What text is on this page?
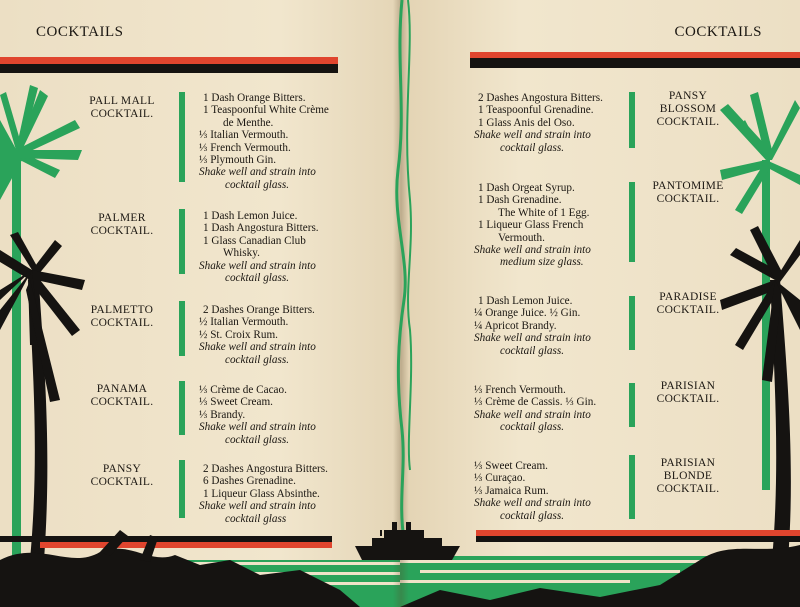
COCKTAILS
PALL MALL
COCKTAIL.
1 Dash Orange Bitters.
1 Teaspoonful White Crème
de Menthe.
⅓ Italian Vermouth.
⅓ French Vermouth.
⅓ Plymouth Gin.
Shake well and strain into
cocktail glass.
PALMER
COCKTAIL.
1 Dash Lemon Juice.
1 Dash Angostura Bitters.
1 Glass Canadian Club
Whisky.
Shake well and strain into
cocktail glass.
PALMETTO
COCKTAIL.
2 Dashes Orange Bitters.
½ Italian Vermouth.
½ St. Croix Rum.
Shake well and strain into
cocktail glass.
PANAMA
COCKTAIL.
⅓ Crème de Cacao.
⅓ Sweet Cream.
⅓ Brandy.
Shake well and strain into
cocktail glass.
PANSY
COCKTAIL.
2 Dashes Angostura Bitters.
6 Dashes Grenadine.
1 Liqueur Glass Absinthe.
Shake well and strain into
cocktail glass
COCKTAILS
2 Dashes Angostura Bitters.
1 Teaspoonful Grenadine.
1 Glass Anis del Oso.
Shake well and strain into
cocktail glass.
PANSY
BLOSSOM
COCKTAIL.
1 Dash Orgeat Syrup.
1 Dash Grenadine.
The White of 1 Egg.
1 Liqueur Glass French
Vermouth.
Shake well and strain into
medium size glass.
PANTOMIME
COCKTAIL.
1 Dash Lemon Juice.
¼ Orange Juice. ½ Gin.
¼ Apricot Brandy.
Shake well and strain into
cocktail glass.
PARADISE
COCKTAIL.
⅓ French Vermouth.
⅓ Crème de Cassis. ⅓ Gin.
Shake well and strain into
cocktail glass.
PARISIAN
COCKTAIL.
⅓ Sweet Cream.
⅓ Curaçao.
⅓ Jamaica Rum.
Shake well and strain into
cocktail glass.
PARISIAN
BLONDE
COCKTAIL.
